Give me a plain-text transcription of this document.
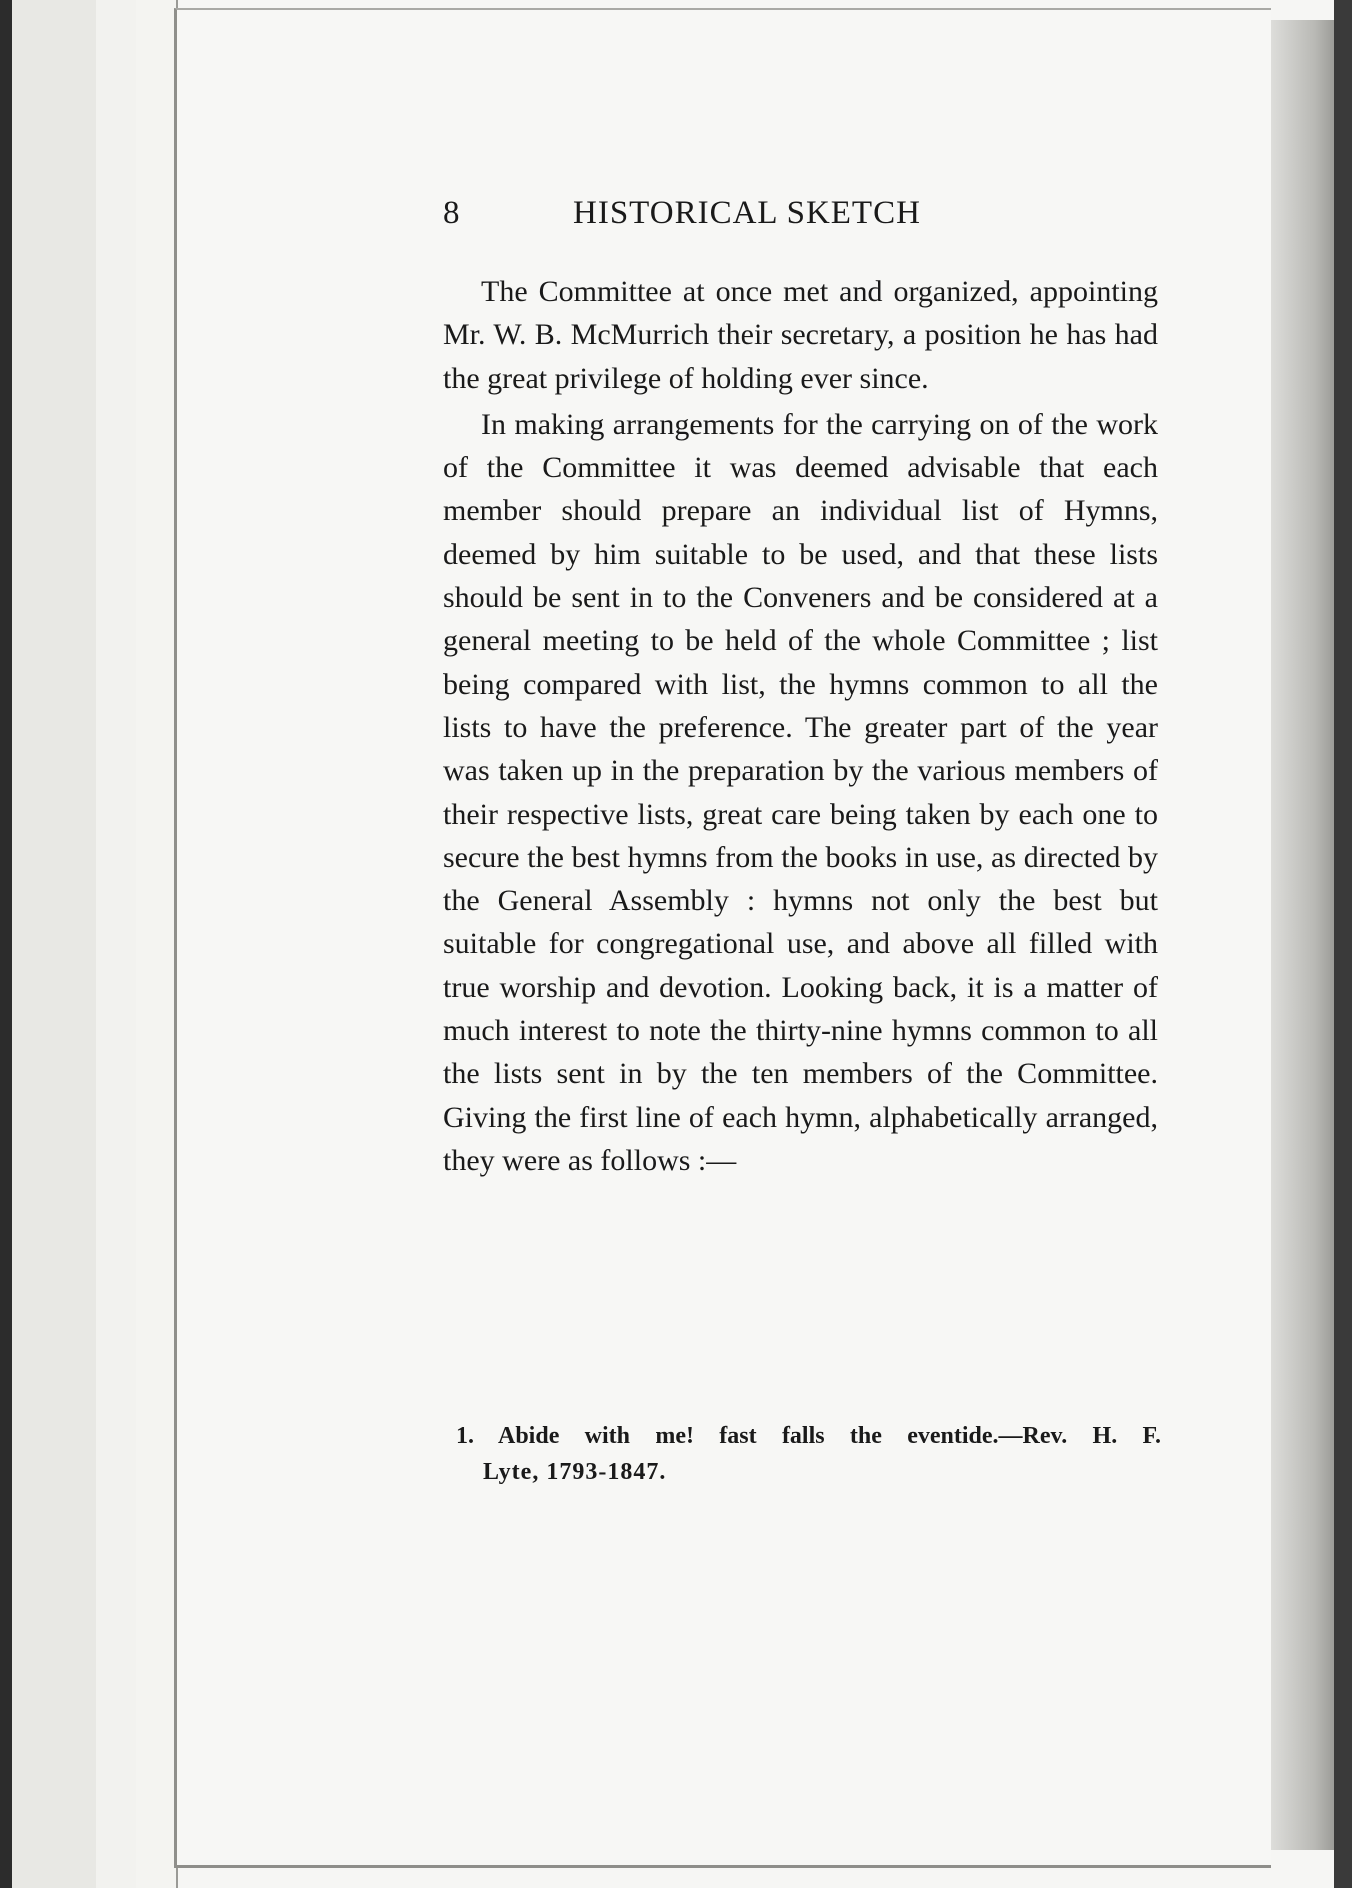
8	HISTORICAL SKETCH

The Committee at once met and organized, appointing Mr. W. B. McMurrich their secretary, a position he has had the great privilege of holding ever since.

In making arrangements for the carrying on of the work of the Committee it was deemed advisable that each member should prepare an individual list of Hymns, deemed by him suitable to be used, and that these lists should be sent in to the Conveners and be considered at a general meeting to be held of the whole Committee ; list being compared with list, the hymns common to all the lists to have the preference. The greater part of the year was taken up in the preparation by the various members of their respective lists, great care being taken by each one to secure the best hymns from the books in use, as directed by the General Assembly : hymns not only the best but suitable for congregational use, and above all filled with true worship and devotion. Looking back, it is a matter of much interest to note the thirty-nine hymns common to all the lists sent in by the ten members of the Committee. Giving the first line of each hymn, alphabetically arranged, they were as follows :—

1. Abide with me! fast falls the eventide.—Rev. H. F.
Lyte, 1793-1847.
